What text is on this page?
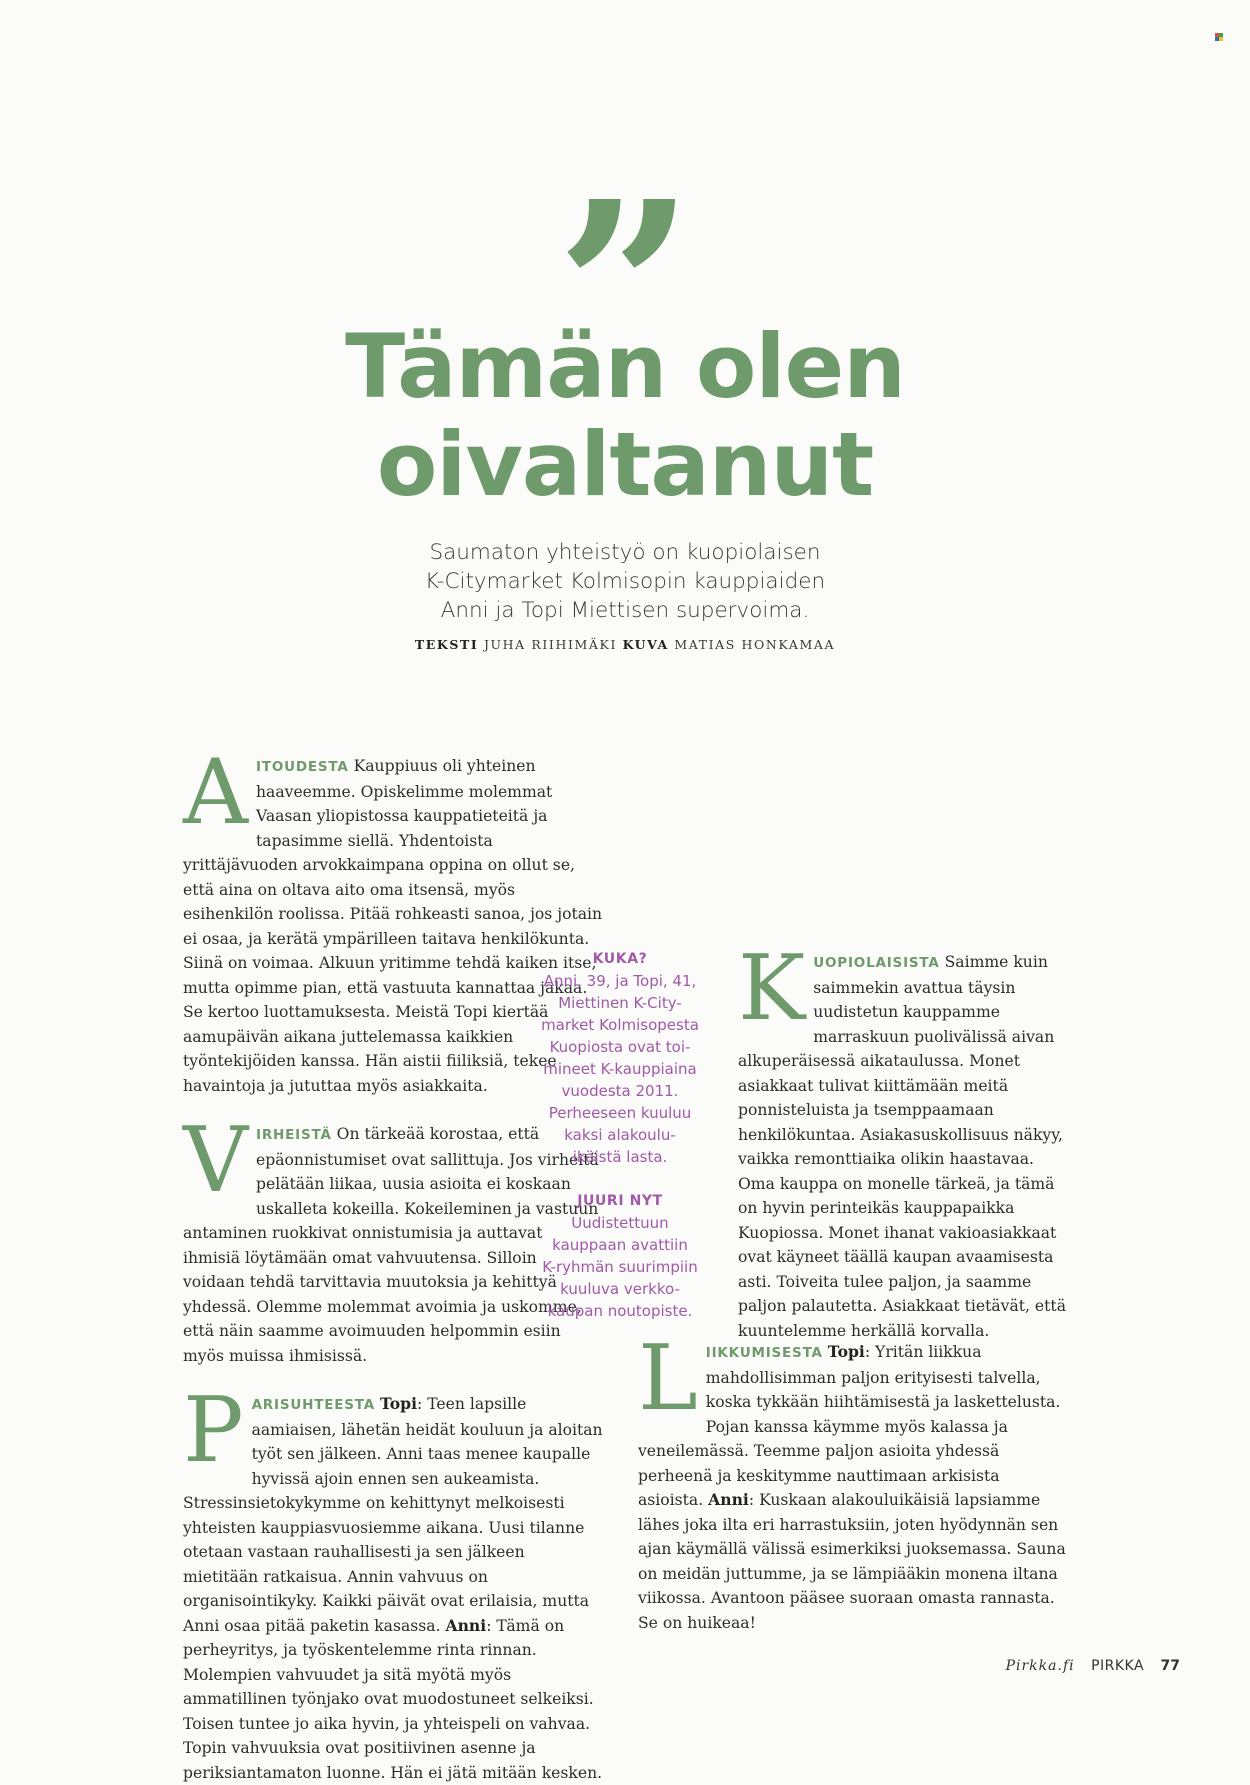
Tämän olen
oivaltanut
Saumaton yhteistyö on kuopiolaisen
K-Citymarket Kolmisopin kauppiaiden
Anni ja Topi Miettisen supervoima.
TEKSTI JUHA RIIHIMÄKI KUVA MATIAS HONKAMAA

A ITOUDESTA Kauppiuus oli yhteinen haaveemme. Opiskelimme molemmat Vaasan yliopistossa kauppatieteitä ja tapasimme siellä. Yhdentoista yrittäjävuoden arvokkaimpana oppina on ollut se, että aina on oltava aito oma itsensä, myös esihenkilön roolissa. Pitää rohkeasti sanoa, jos jotain ei osaa, ja kerätä ympärilleen taitava henkilökunta. Siinä on voimaa. Alkuun yritimme tehdä kaiken itse, mutta opimme pian, että vastuuta kannattaa jakaa. Se kertoo luottamuksesta. Meistä Topi kiertää aamupäivän aikana juttelemassa kaikkien työntekijöiden kanssa. Hän aistii fiiliksiä, tekee havaintoja ja jututtaa myös asiakkaita.

V IRHEISTÄ On tärkeää korostaa, että epäonnistumiset ovat sallittuja. Jos virheitä pelätään liikaa, uusia asioita ei koskaan uskalleta kokeilla. Kokeileminen ja vastuun antaminen ruokkivat onnistumisia ja auttavat ihmisiä löytämään omat vahvuutensa. Silloin voidaan tehdä tarvittavia muutoksia ja kehittyä yhdessä. Olemme molemmat avoimia ja uskomme, että näin saamme avoimuuden helpommin esiin myös muissa ihmisissä.

P ARISUHTEESTA Topi: Teen lapsille aamiaisen, lähetän heidät kouluun ja aloitan työt sen jälkeen. Anni taas menee kaupalle hyvissä ajoin ennen sen aukeamista. Stressinsietokykymme on kehittynyt melkoisesti yhteisten kauppiasvuosiemme aikana. Uusi tilanne otetaan vastaan rauhallisesti ja sen jälkeen mietitään ratkaisua. Annin vahvuus on organisointikyky. Kaikki päivät ovat erilaisia, mutta Anni osaa pitää paketin kasassa. Anni: Tämä on perheyritys, ja työskentelemme rinta rinnan. Molempien vahvuudet ja sitä myötä myös ammatillinen työnjako ovat muodostuneet selkeiksi. Toisen tuntee jo aika hyvin, ja yhteispeli on vahvaa. Topin vahvuuksia ovat positiivinen asenne ja periksiantamaton luonne. Hän ei jätä mitään kesken.

KUKA?
Anni, 39, ja Topi, 41,
Miettinen K-City-
market Kolmisopesta
Kuopiosta ovat toi-
mineet K-kauppiaina
vuodesta 2011.
Perheeseen kuuluu
kaksi alakoulu-
ikäistä lasta.
JUURI NYT
Uudistettuun
kauppaan avattiin
K-ryhmän suurimpiin
kuuluva verkko-
kaupan noutopiste.

K UOPIOLAISISTA Saimme kuin saimmekin avattua täysin uudistetun kauppamme marraskuun puolivälissä aivan alkuperäisessä aikataulussa. Monet asiakkaat tulivat kiittämään meitä ponnisteluista ja tsemppaamaan henkilökuntaa. Asiakasuskollisuus näkyy, vaikka remonttiaika olikin haastavaa. Oma kauppa on monelle tärkeä, ja tämä on hyvin perinteikäs kauppapaikka Kuopiossa. Monet ihanat vakioasiakkaat ovat käyneet täällä kaupan avaamisesta asti. Toiveita tulee paljon, ja saamme paljon palautetta. Asiakkaat tietävät, että kuuntelemme herkällä korvalla.

L IIKKUMISESTA Topi: Yritän liikkua mahdollisimman paljon erityisesti talvella, koska tykkään hiihtämisestä ja laskettelusta. Pojan kanssa käymme myös kalassa ja veneilemässä. Teemme paljon asioita yhdessä perheenä ja keskitymme nauttimaan arkisista asioista. Anni: Kuskaan alakouluikäisiä lapsiamme lähes joka ilta eri harrastuksiin, joten hyödynnän sen ajan käymällä välissä esimerkiksi juoksemassa. Sauna on meidän juttumme, ja se lämpiääkin monena iltana viikossa. Avantoon pääsee suoraan omasta rannasta. Se on huikeaa!

Pirkka.fi PIRKKA 77
